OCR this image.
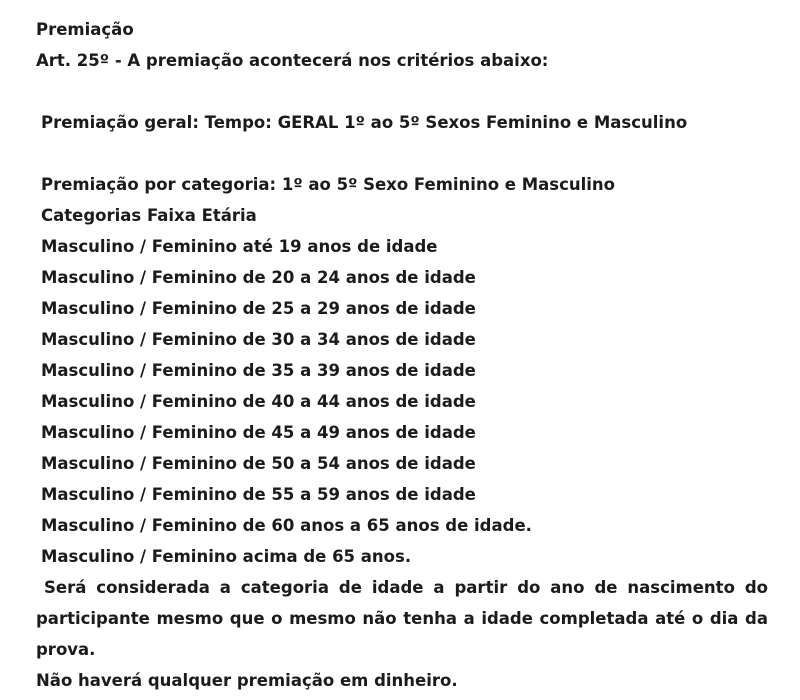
Premiação
Art. 25º - A premiação acontecerá nos critérios abaixo:
Premiação geral: Tempo: GERAL 1º ao 5º Sexos Feminino e Masculino
Premiação por categoria: 1º ao 5º Sexo Feminino e Masculino
Categorias Faixa Etária
Masculino / Feminino até 19 anos de idade
Masculino / Feminino de 20 a 24 anos de idade
Masculino / Feminino de 25 a 29 anos de idade
Masculino / Feminino de 30 a 34 anos de idade
Masculino / Feminino de 35 a 39 anos de idade
Masculino / Feminino de 40 a 44 anos de idade
Masculino / Feminino de 45 a 49 anos de idade
Masculino / Feminino de 50 a 54 anos de idade
Masculino / Feminino de 55 a 59 anos de idade
Masculino / Feminino de 60 anos a 65 anos de idade.
Masculino / Feminino acima de 65 anos.
Será considerada a categoria de idade a partir do ano de nascimento do participante mesmo que o mesmo não tenha a idade completada até o dia da prova.
Não haverá qualquer premiação em dinheiro.
